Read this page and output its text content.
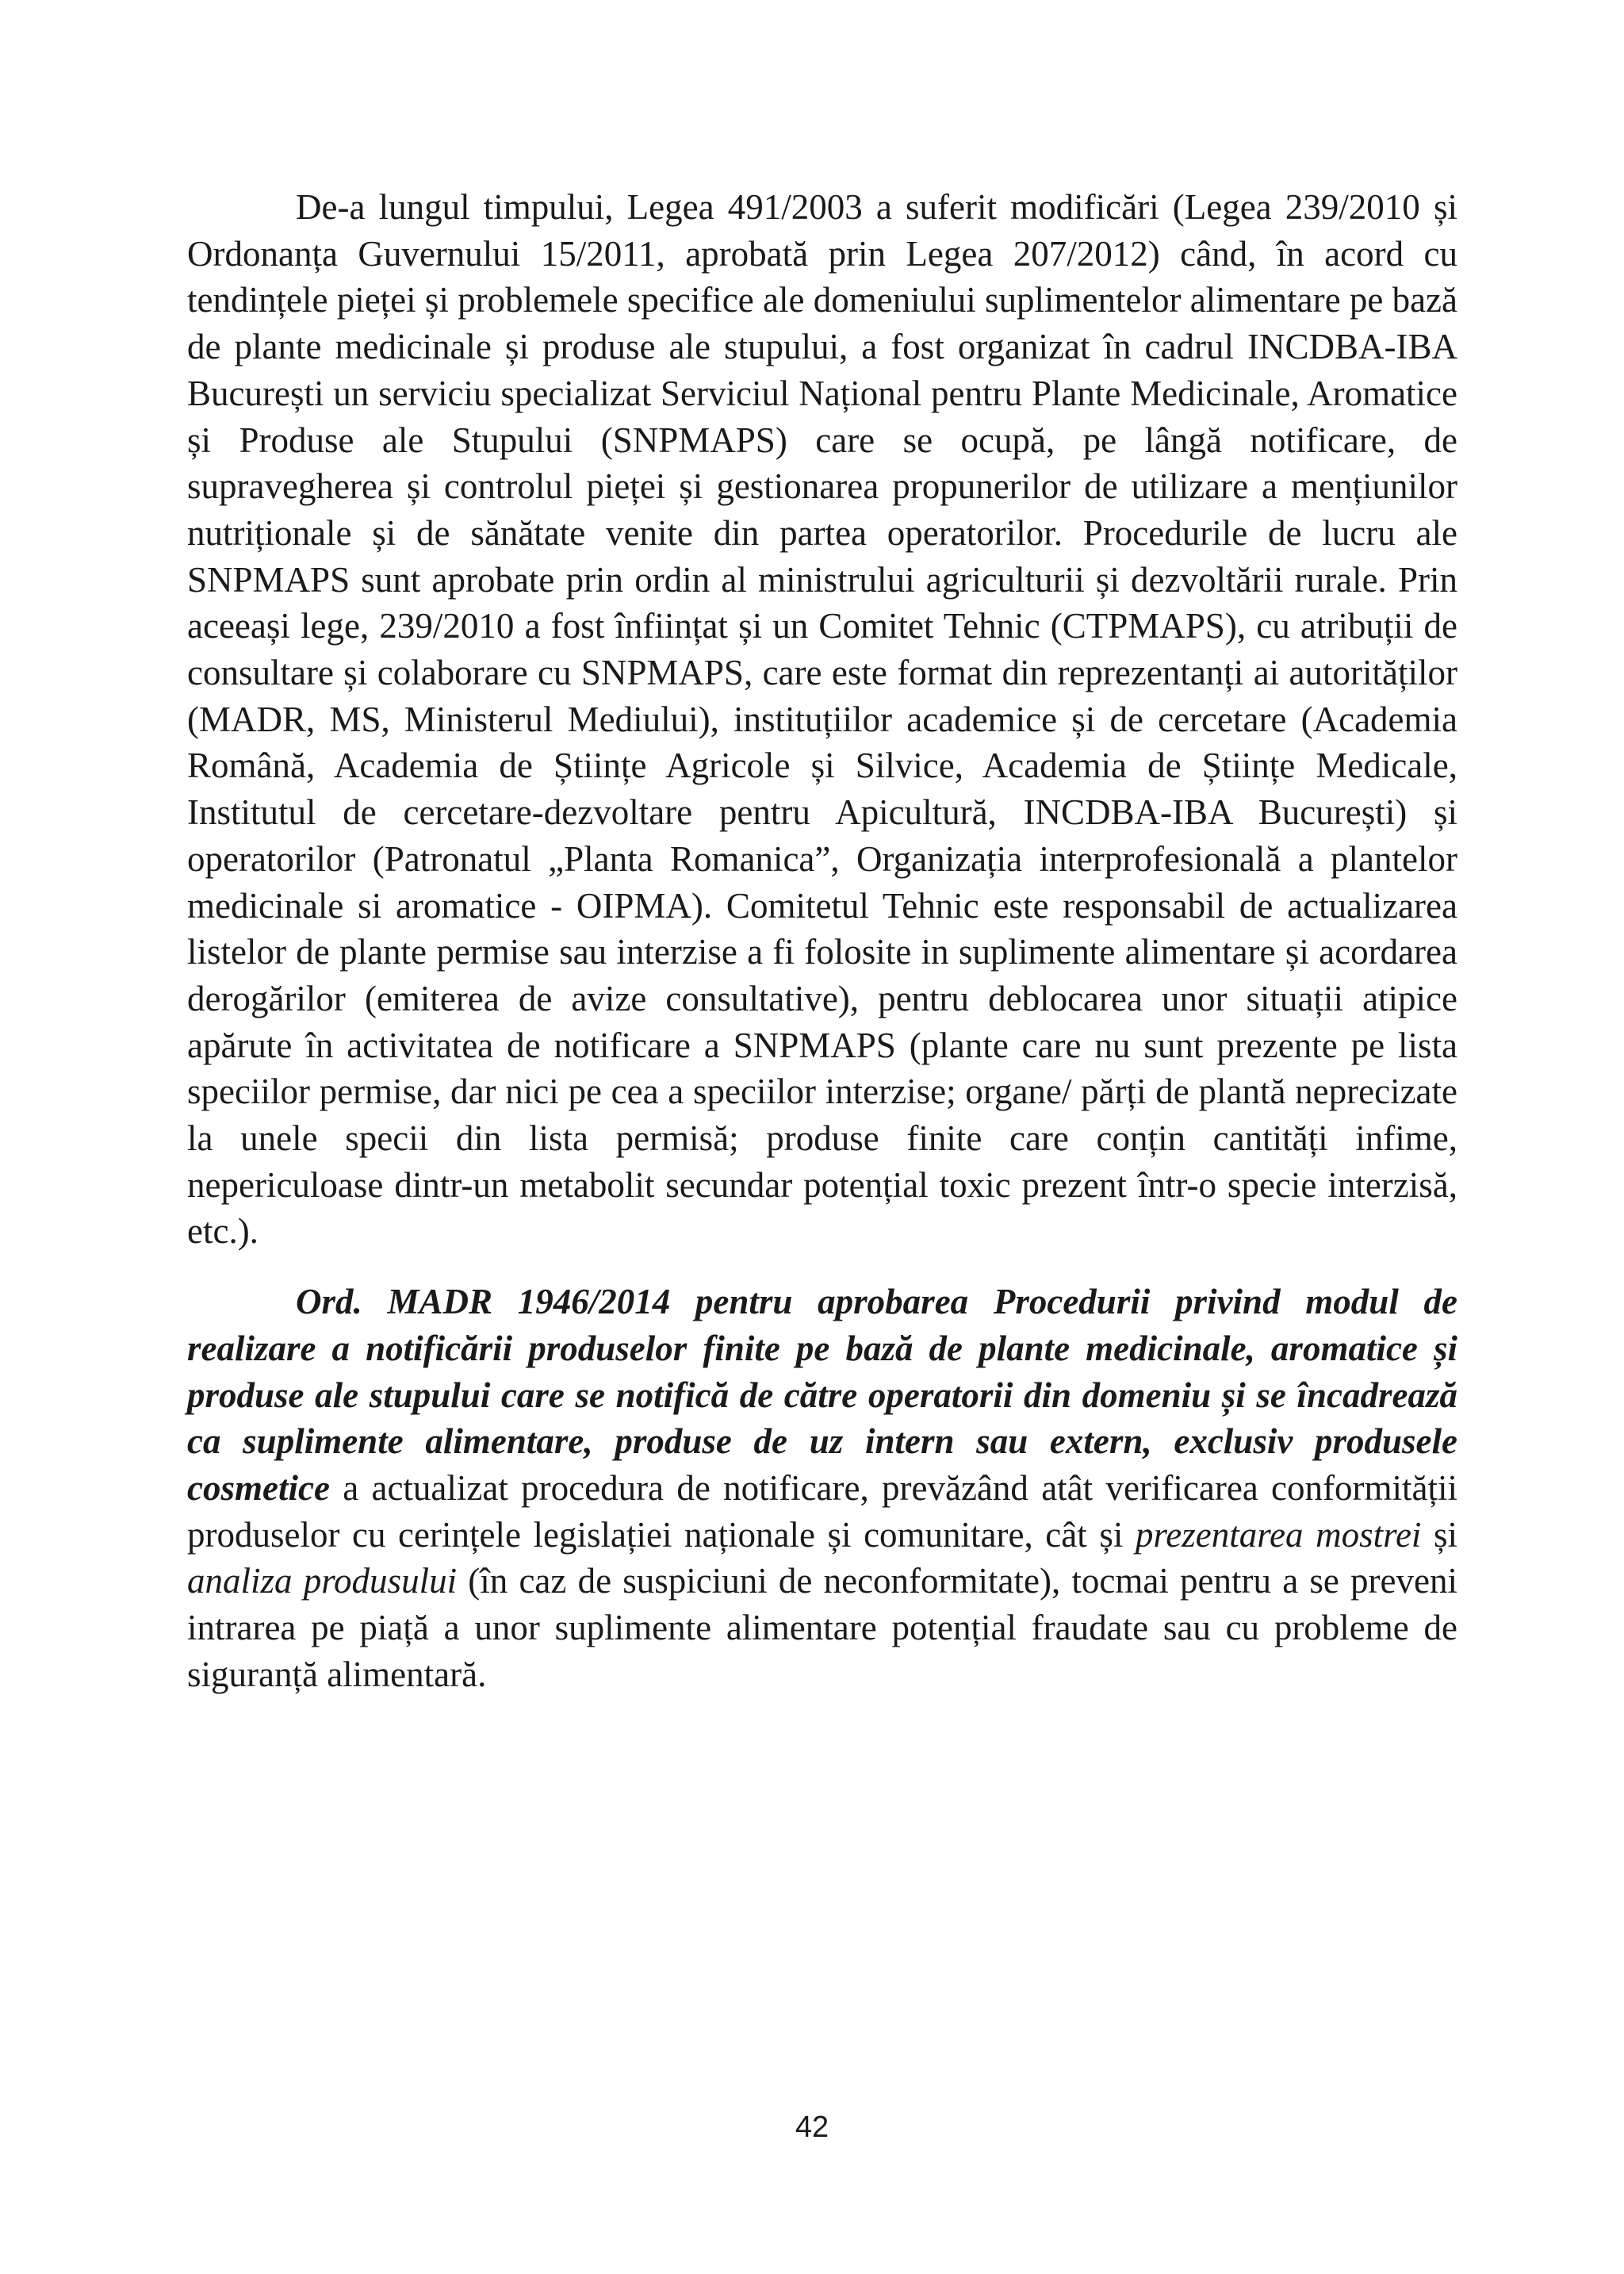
De-a lungul timpului, Legea 491/2003 a suferit modificări (Legea 239/2010 și Ordonanța Guvernului 15/2011, aprobată prin Legea 207/2012) când, în acord cu tendințele pieței și problemele specifice ale domeniului suplimentelor alimentare pe bază de plante medicinale și produse ale stupului, a fost organizat în cadrul INCDBA-IBA București un serviciu specializat Serviciul Național pentru Plante Medicinale, Aromatice și Produse ale Stupului (SNPMAPS) care se ocupă, pe lângă notificare, de supravegherea și controlul pieței și gestionarea propunerilor de utilizare a mențiunilor nutriționale și de sănătate venite din partea operatorilor. Procedurile de lucru ale SNPMAPS sunt aprobate prin ordin al ministrului agriculturii și dezvoltării rurale. Prin aceeași lege, 239/2010 a fost înființat și un Comitet Tehnic (CTPMAPS), cu atribuții de consultare și colaborare cu SNPMAPS, care este format din reprezentanți ai autorităților (MADR, MS, Ministerul Mediului), instituțiilor academice și de cercetare (Academia Română, Academia de Științe Agricole și Silvice, Academia de Științe Medicale, Institutul de cercetare-dezvoltare pentru Apicultură, INCDBA-IBA București) și operatorilor (Patronatul „Planta Romanica”, Organizația interprofesională a plantelor medicinale si aromatice - OIPMA). Comitetul Tehnic este responsabil de actualizarea listelor de plante permise sau interzise a fi folosite in suplimente alimentare și acordarea derogărilor (emiterea de avize consultative), pentru deblocarea unor situații atipice apărute în activitatea de notificare a SNPMAPS (plante care nu sunt prezente pe lista speciilor permise, dar nici pe cea a speciilor interzise; organe/ părți de plantă neprecizate la unele specii din lista permisă; produse finite care conțin cantități infime, nepericuloase dintr-un metabolit secundar potențial toxic prezent într-o specie interzisă, etc.).

Ord. MADR 1946/2014 pentru aprobarea Procedurii privind modul de realizare a notificării produselor finite pe bază de plante medicinale, aromatice și produse ale stupului care se notifică de către operatorii din domeniu și se încadrează ca suplimente alimentare, produse de uz intern sau extern, exclusiv produsele cosmetice a actualizat procedura de notificare, prevăzând atât verificarea conformității produselor cu cerințele legislației naționale și comunitare, cât și prezentarea mostrei și analiza produsului (în caz de suspiciuni de neconformitate), tocmai pentru a se preveni intrarea pe piață a unor suplimente alimentare potențial fraudate sau cu probleme de siguranță alimentară.

42
